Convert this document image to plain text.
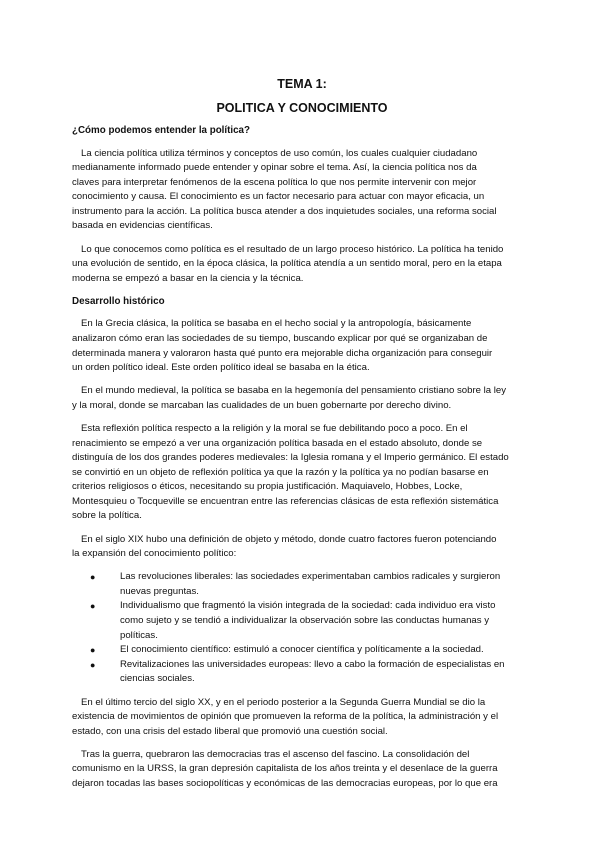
TEMA 1:
POLITICA Y CONOCIMIENTO

¿Cómo podemos entender la política?

La ciencia política utiliza términos y conceptos de uso común, los cuales cualquier ciudadano
medianamente informado puede entender y opinar sobre el tema. Así, la ciencia política nos da
claves para interpretar fenómenos de la escena política lo que nos permite intervenir con mejor
conocimiento y causa. El conocimiento es un factor necesario para actuar con mayor eficacia, un
instrumento para la acción. La política busca atender a dos inquietudes sociales, una reforma social
basada en evidencias científicas.

Lo que conocemos como política es el resultado de un largo proceso histórico. La política ha tenido
una evolución de sentido, en la época clásica, la política atendía a un sentido moral, pero en la etapa
moderna se empezó a basar en la ciencia y la técnica.

Desarrollo histórico

En la Grecia clásica, la política se basaba en el hecho social y la antropología, básicamente
analizaron cómo eran las sociedades de su tiempo, buscando explicar por qué se organizaban de
determinada manera y valoraron hasta qué punto era mejorable dicha organización para conseguir
un orden político ideal. Este orden político ideal se basaba en la ética.

En el mundo medieval, la política se basaba en la hegemonía del pensamiento cristiano sobre la ley
y la moral, donde se marcaban las cualidades de un buen gobernarte por derecho divino.

Esta reflexión política respecto a la religión y la moral se fue debilitando poco a poco. En el
renacimiento se empezó a ver una organización política basada en el estado absoluto, donde se
distinguía de los dos grandes poderes medievales: la Iglesia romana y el Imperio germánico. El estado
se convirtió en un objeto de reflexión política ya que la razón y la política ya no podían basarse en
criterios religiosos o éticos, necesitando su propia justificación. Maquiavelo, Hobbes, Locke,
Montesquieu o Tocqueville se encuentran entre las referencias clásicas de esta reflexión sistemática
sobre la política.

En el siglo XIX hubo una definición de objeto y método, donde cuatro factores fueron potenciando
la expansión del conocimiento político:

●	Las revoluciones liberales: las sociedades experimentaban cambios radicales y surgieron
nuevas preguntas.
●	Individualismo que fragmentó la visión integrada de la sociedad: cada individuo era visto
como sujeto y se tendió a individualizar la observación sobre las conductas humanas y
políticas.
●	El conocimiento científico: estimuló a conocer científica y políticamente a la sociedad.
●	Revitalizaciones las universidades europeas: llevo a cabo la formación de especialistas en
ciencias sociales.

En el último tercio del siglo XX, y en el periodo posterior a la Segunda Guerra Mundial se dio la
existencia de movimientos de opinión que promueven la reforma de la política, la administración y el
estado, con una crisis del estado liberal que promovió una cuestión social.

Tras la guerra, quebraron las democracias tras el ascenso del fascino. La consolidación del
comunismo en la URSS, la gran depresión capitalista de los años treinta y el desenlace de la guerra
dejaron tocadas las bases sociopolíticas y económicas de las democracias europeas, por lo que era
